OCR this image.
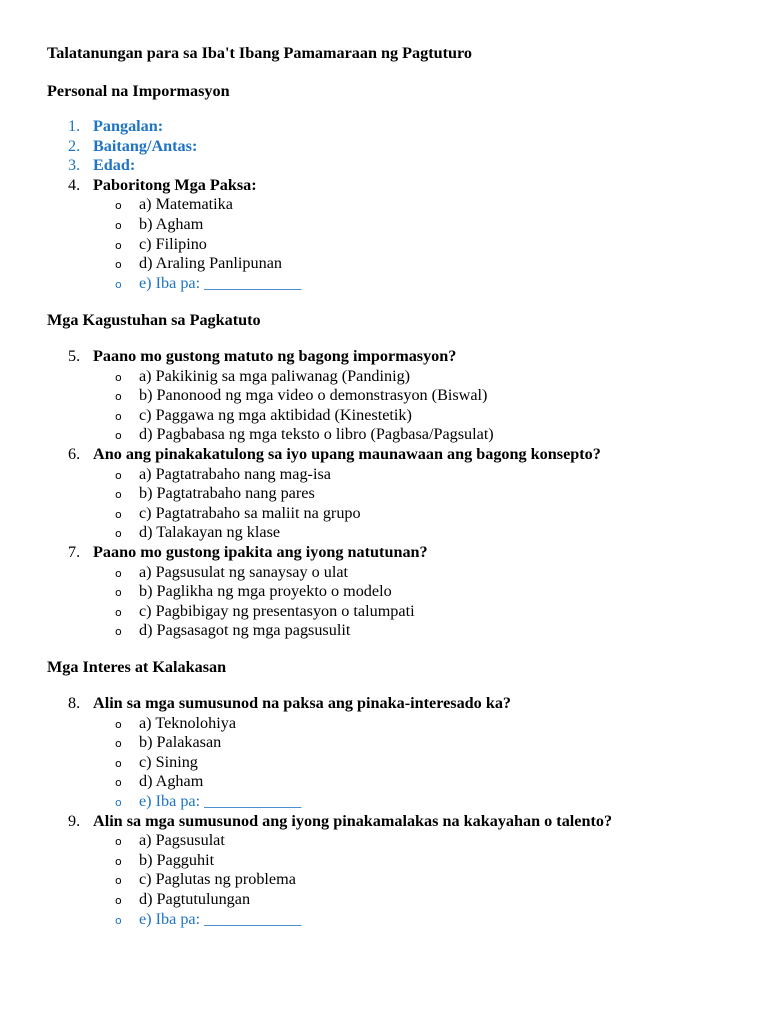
Talatanungan para sa Iba't Ibang Pamamaraan ng Pagtuturo
Personal na Impormasyon
1. Pangalan:
2. Baitang/Antas:
3. Edad:
4. Paboritong Mga Paksa:
o a) Matematika
o b) Agham
o c) Filipino
o d) Araling Panlipunan
o e) Iba pa: ____________
Mga Kagustuhan sa Pagkatuto
5. Paano mo gustong matuto ng bagong impormasyon?
o a) Pakikinig sa mga paliwanag (Pandinig)
o b) Panonood ng mga video o demonstrasyon (Biswal)
o c) Paggawa ng mga aktibidad (Kinestetik)
o d) Pagbabasa ng mga teksto o libro (Pagbasa/Pagsulat)
6. Ano ang pinakakatulong sa iyo upang maunawaan ang bagong konsepto?
o a) Pagtatrabaho nang mag-isa
o b) Pagtatrabaho nang pares
o c) Pagtatrabaho sa maliit na grupo
o d) Talakayan ng klase
7. Paano mo gustong ipakita ang iyong natutunan?
o a) Pagsusulat ng sanaysay o ulat
o b) Paglikha ng mga proyekto o modelo
o c) Pagbibigay ng presentasyon o talumpati
o d) Pagsasagot ng mga pagsusulit
Mga Interes at Kalakasan
8. Alin sa mga sumusunod na paksa ang pinaka-interesado ka?
o a) Teknolohiya
o b) Palakasan
o c) Sining
o d) Agham
o e) Iba pa: ____________
9. Alin sa mga sumusunod ang iyong pinakamalakas na kakayahan o talento?
o a) Pagsusulat
o b) Pagguhit
o c) Paglutas ng problema
o d) Pagtutulungan
o e) Iba pa: ____________
